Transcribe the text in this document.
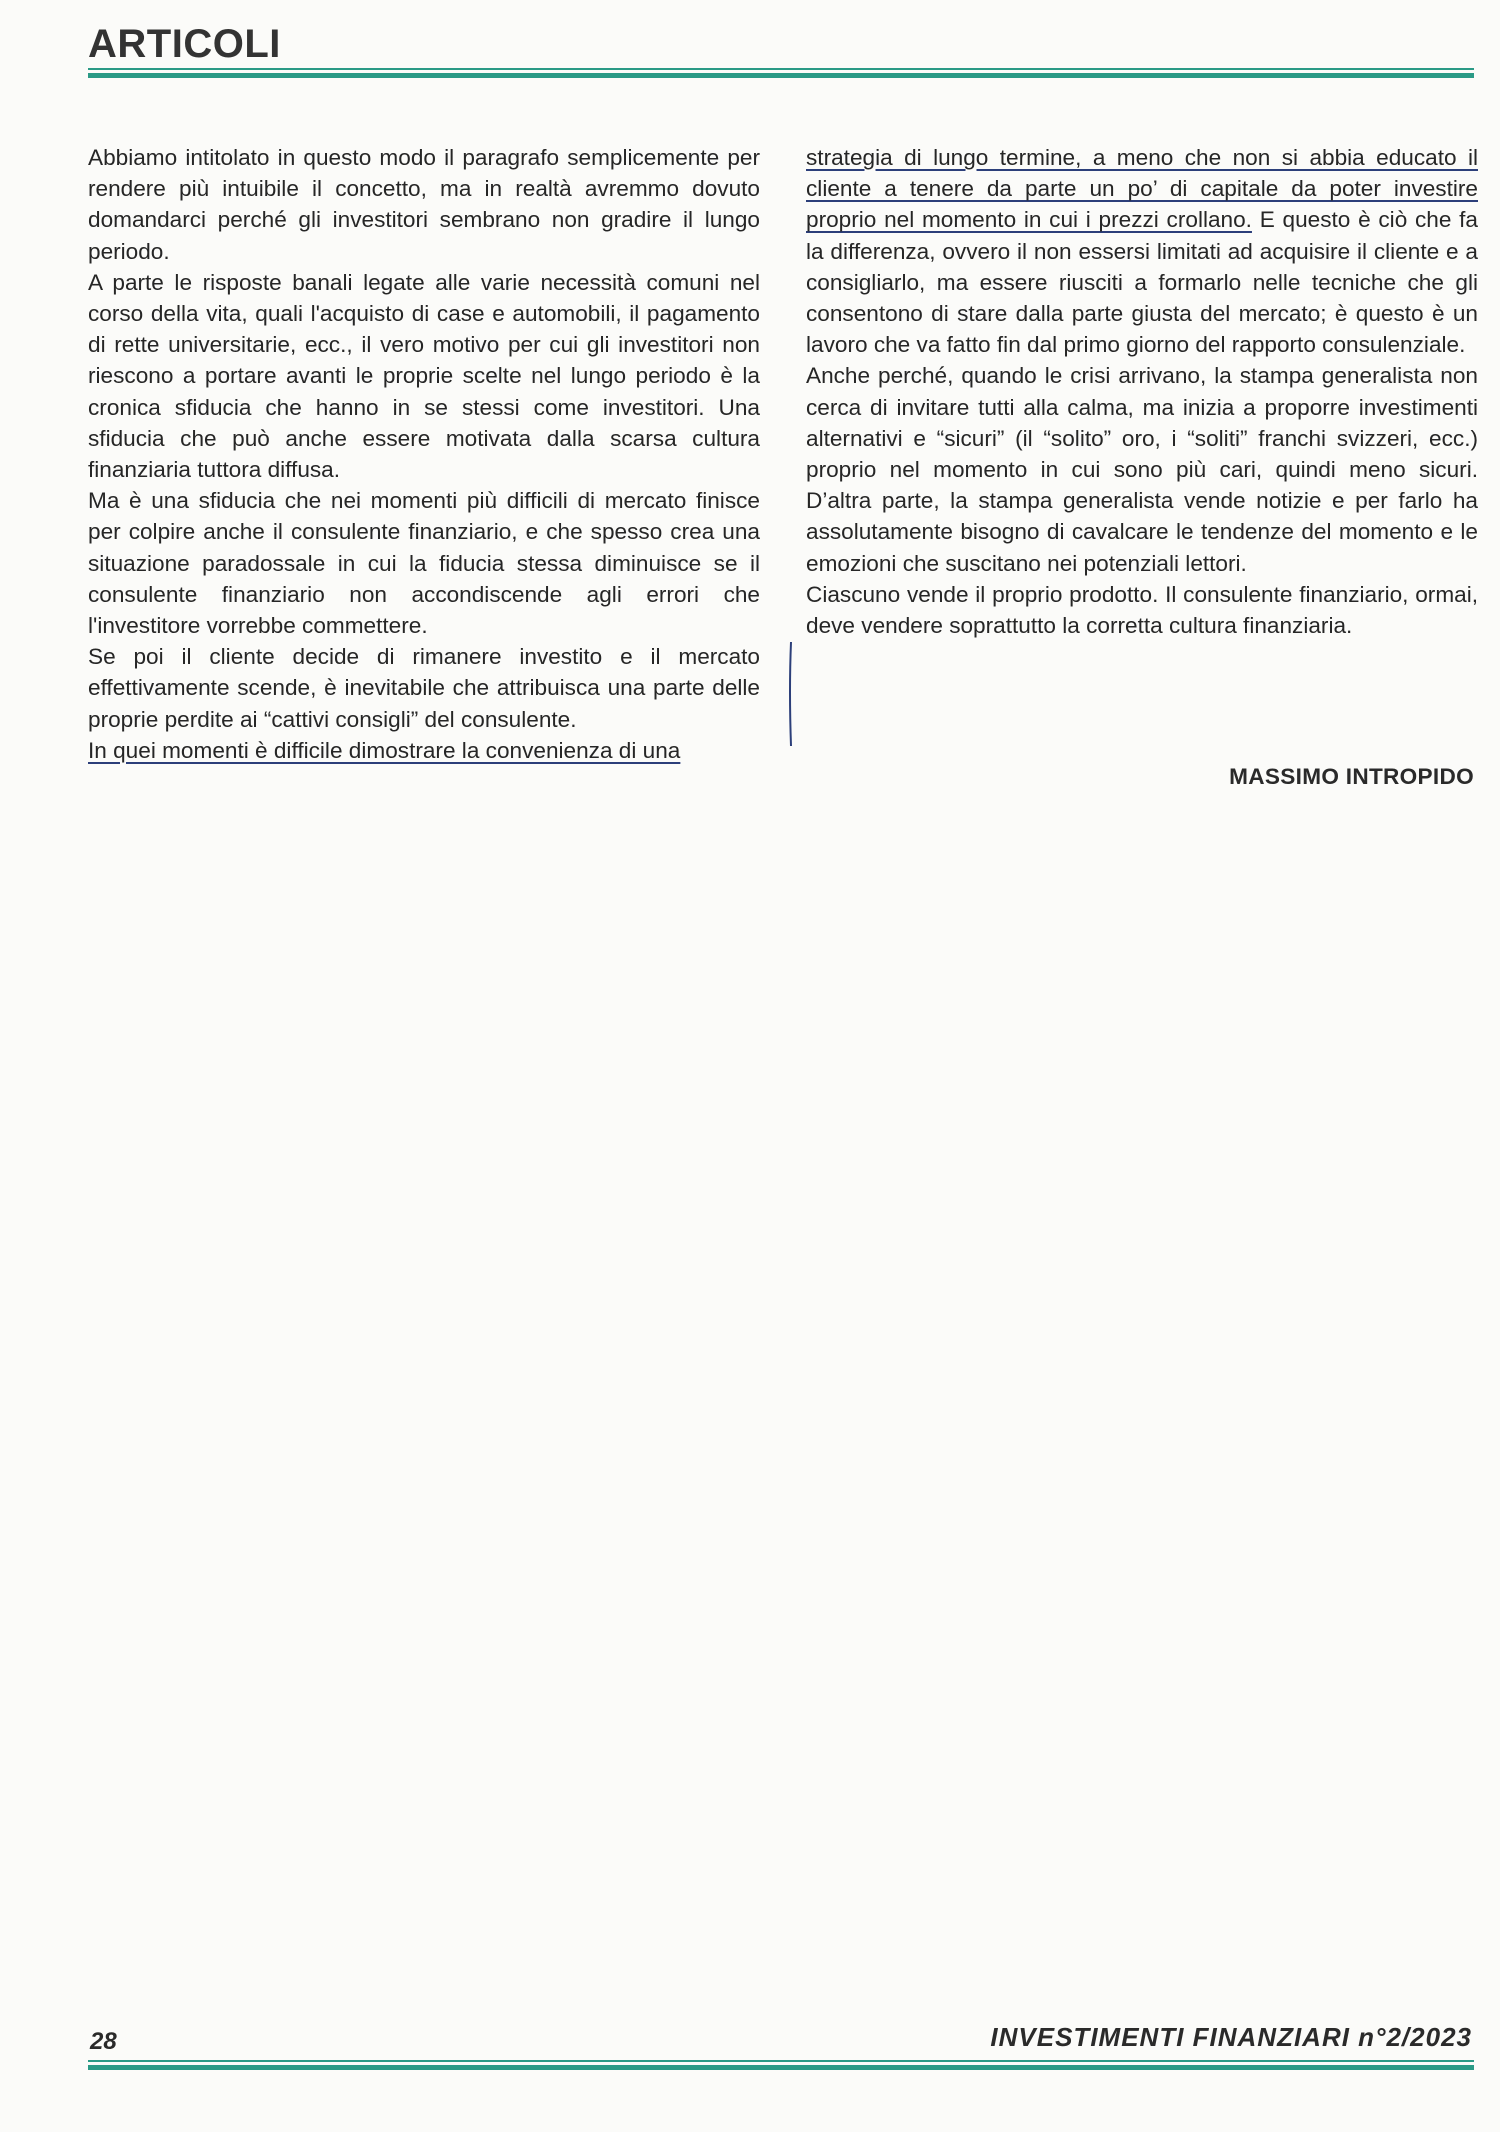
ARTICOLI

Abbiamo intitolato in questo modo il paragrafo semplicemente per rendere più intuibile il concetto, ma in realtà avremmo dovuto domandarci perché gli investitori sembrano non gradire il lungo periodo.

A parte le risposte banali legate alle varie necessità comuni nel corso della vita, quali l'acquisto di case e automobili, il pagamento di rette universitarie, ecc., il vero motivo per cui gli investitori non riescono a portare avanti le proprie scelte nel lungo periodo è la cronica sfiducia che hanno in se stessi come investitori. Una sfiducia che può anche essere motivata dalla scarsa cultura finanziaria tuttora diffusa.

Ma è una sfiducia che nei momenti più difficili di mercato finisce per colpire anche il consulente finanziario, e che spesso crea una situazione paradossale in cui la fiducia stessa diminuisce se il consulente finanziario non accondiscende agli errori che l'investitore vorrebbe commettere.

Se poi il cliente decide di rimanere investito e il mercato effettivamente scende, è inevitabile che attribuisca una parte delle proprie perdite ai “cattivi consigli” del consulente.

In quei momenti è difficile dimostrare la convenienza di una

strategia di lungo termine, a meno che non si abbia educato il cliente a tenere da parte un po’ di capitale da poter investire proprio nel momento in cui i prezzi crollano. E questo è ciò che fa la differenza, ovvero il non essersi limitati ad acquisire il cliente e a consigliarlo, ma essere riusciti a formarlo nelle tecniche che gli consentono di stare dalla parte giusta del mercato; è questo è un lavoro che va fatto fin dal primo giorno del rapporto consulenziale.

Anche perché, quando le crisi arrivano, la stampa generalista non cerca di invitare tutti alla calma, ma inizia a proporre investimenti alternativi e “sicuri” (il “solito” oro, i “soliti” franchi svizzeri, ecc.) proprio nel momento in cui sono più cari, quindi meno sicuri. D’altra parte, la stampa generalista vende notizie e per farlo ha assolutamente bisogno di cavalcare le tendenze del momento e le emozioni che suscitano nei potenziali lettori.

Ciascuno vende il proprio prodotto. Il consulente finanziario, ormai, deve vendere soprattutto la corretta cultura finanziaria.

MASSIMO INTROPIDO
28	INVESTIMENTI FINANZIARI n°2/2023
